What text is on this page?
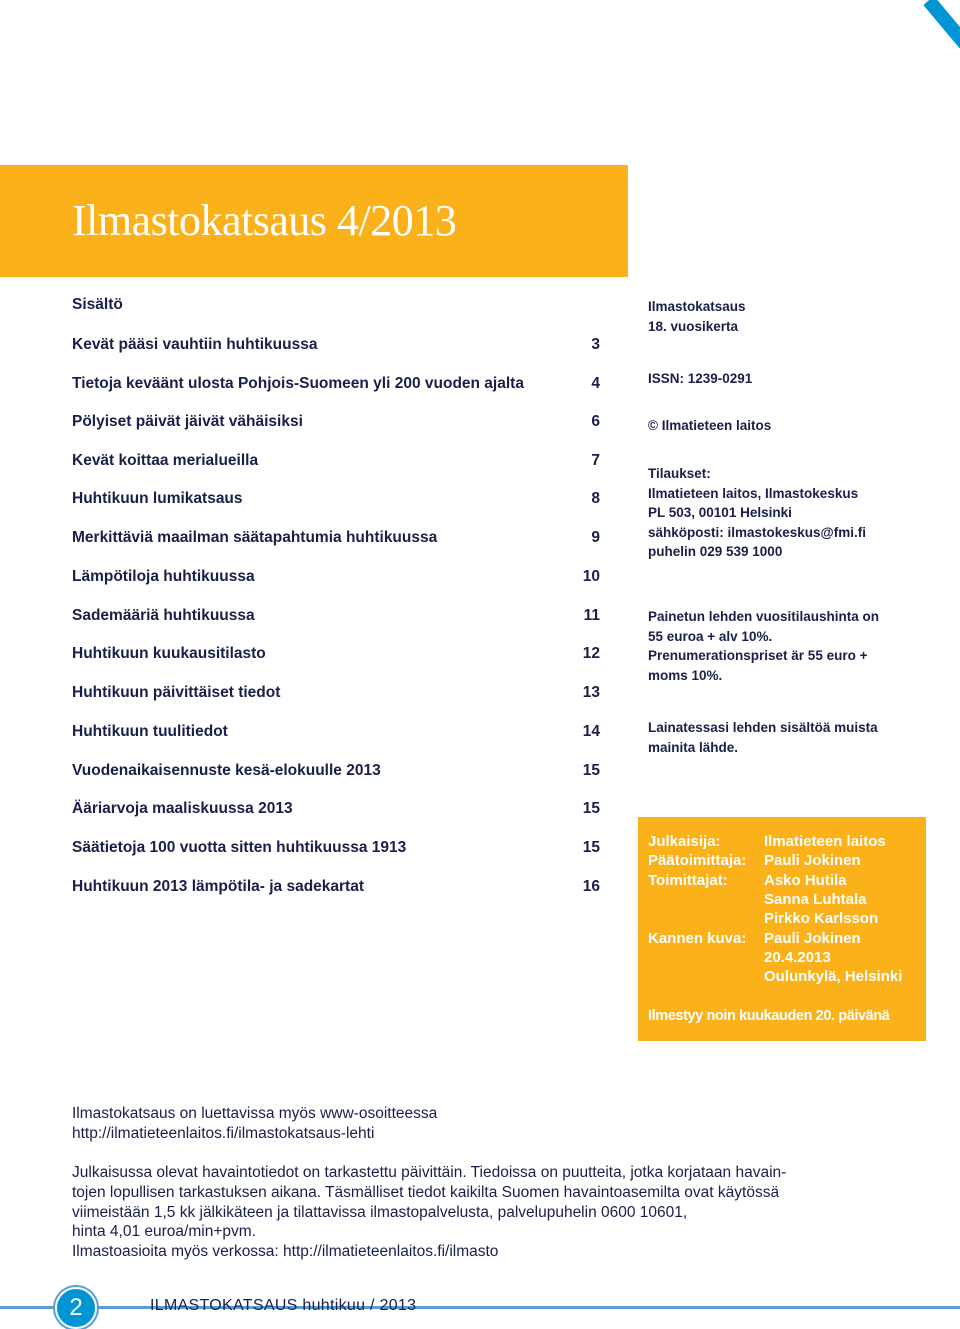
Ilmastokatsaus 4/2013
Sisältö
Kevät pääsi vauhtiin huhtikuussa	3
Tietoja keväänt ulosta Pohjois-Suomeen yli 200 vuoden ajalta	4
Pölyiset päivät jäivät vähäisiksi	6
Kevät koittaa merialueilla	7
Huhtikuun lumikatsaus	8
Merkittäviä maailman säätapahtumia huhtikuussa	9
Lämpötiloja huhtikuussa	10
Sademääriä huhtikuussa	11
Huhtikuun kuukausitilasto	12
Huhtikuun päivittäiset tiedot	13
Huhtikuun tuulitiedot	14
Vuodenaikaisennuste kesä-elokuulle 2013	15
Ääriarvoja maaliskuussa 2013	15
Säätietoja 100 vuotta sitten huhtikuussa 1913	15
Huhtikuun 2013 lämpötila- ja sadekartat	16
Ilmastokatsaus
18. vuosikerta
ISSN: 1239-0291
© Ilmatieteen laitos
Tilaukset:
Ilmatieteen laitos, Ilmastokeskus
PL 503, 00101 Helsinki
sähköposti: ilmastokeskus@fmi.fi
puhelin 029 539 1000
Painetun lehden vuositilaushinta on
55 euroa + alv 10%.
Prenumerationspriset är 55 euro +
moms 10%.
Lainatessasi lehden sisältöä muista
mainita lähde.
Julkaisija:	Ilmatieteen laitos
Päätoimittaja: Pauli Jokinen
Toimittajat: Asko Hutila
Sanna Luhtala
Pirkko Karlsson
Kannen kuva: Pauli Jokinen
20.4.2013
Oulunkylä, Helsinki
Ilmestyy noin kuukauden 20. päivänä
Ilmastokatsaus on luettavissa myös www-osoitteessa
http://ilmatieteenlaitos.fi/ilmastokatsaus-lehti
Julkaisussa olevat havaintotiedot on tarkastettu päivittäin. Tiedoissa on puutteita, jotka korjataan havain-
tojen lopullisen tarkastuksen aikana. Täsmälliset tiedot kaikilta Suomen havaintoasemilta ovat käytössä
viimeistään 1,5 kk jälkikäteen ja tilattavissa ilmastopalvelusta, palvelupuhelin 0600 10601,
hinta 4,01 euroa/min+pvm.
Ilmastoasioita myös verkossa: http://ilmatieteenlaitos.fi/ilmasto
2	ILMASTOKATSAUS huhtikuu / 2013
